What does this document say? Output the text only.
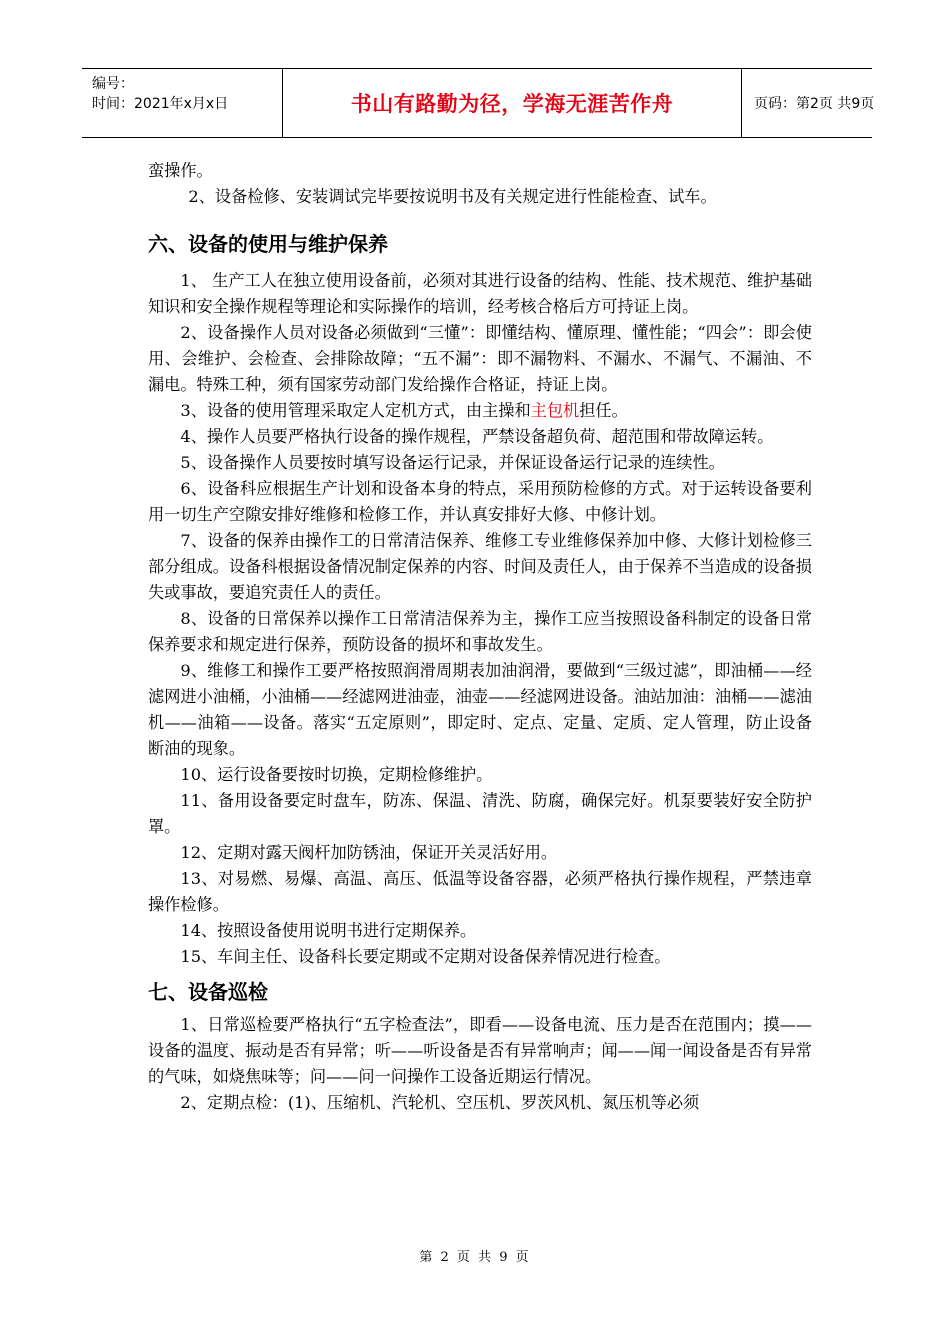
编号：
时间：2021年x月x日	书山有路勤为径，学海无涯苦作舟	页码：第2页 共9页

蛮操作。

2、设备检修、安装调试完毕要按说明书及有关规定进行性能检查、试车。

六、设备的使用与维护保养

1、 生产工人在独立使用设备前，必须对其进行设备的结构、性能、技术规范、维护基础知识和安全操作规程等理论和实际操作的培训，经考核合格后方可持证上岗。

2、设备操作人员对设备必须做到“三懂”：即懂结构、懂原理、懂性能；“四会”：即会使用、会维护、会检查、会排除故障；“五不漏”：即不漏物料、不漏水、不漏气、不漏油、不漏电。特殊工种，须有国家劳动部门发给操作合格证，持证上岗。

3、设备的使用管理采取定人定机方式，由主操和主包机担任。

4、操作人员要严格执行设备的操作规程，严禁设备超负荷、超范围和带故障运转。

5、设备操作人员要按时填写设备运行记录，并保证设备运行记录的连续性。

6、设备科应根据生产计划和设备本身的特点，采用预防检修的方式。对于运转设备要利用一切生产空隙安排好维修和检修工作，并认真安排好大修、中修计划。

7、设备的保养由操作工的日常清洁保养、维修工专业维修保养加中修、大修计划检修三部分组成。设备科根据设备情况制定保养的内容、时间及责任人，由于保养不当造成的设备损失或事故，要追究责任人的责任。

8、设备的日常保养以操作工日常清洁保养为主，操作工应当按照设备科制定的设备日常保养要求和规定进行保养，预防设备的损坏和事故发生。

9、维修工和操作工要严格按照润滑周期表加油润滑，要做到“三级过滤”，即油桶——经滤网进小油桶，小油桶——经滤网进油壶，油壶——经滤网进设备。油站加油：油桶——滤油机——油箱——设备。落实“五定原则”，即定时、定点、定量、定质、定人管理，防止设备断油的现象。

10、运行设备要按时切换，定期检修维护。

11、备用设备要定时盘车，防冻、保温、清洗、防腐，确保完好。机泵要装好安全防护罩。

12、定期对露天阀杆加防锈油，保证开关灵活好用。

13、对易燃、易爆、高温、高压、低温等设备容器，必须严格执行操作规程，严禁违章操作检修。

14、按照设备使用说明书进行定期保养。

15、车间主任、设备科长要定期或不定期对设备保养情况进行检查。

七、设备巡检

1、日常巡检要严格执行“五字检查法”，即看——设备电流、压力是否在范围内；摸——设备的温度、振动是否有异常；听——听设备是否有异常响声；闻——闻一闻设备是否有异常的气味，如烧焦味等；问——问一问操作工设备近期运行情况。

2、定期点检：(1)、压缩机、汽轮机、空压机、罗茨风机、氮压机等必须

第 2 页 共 9 页
